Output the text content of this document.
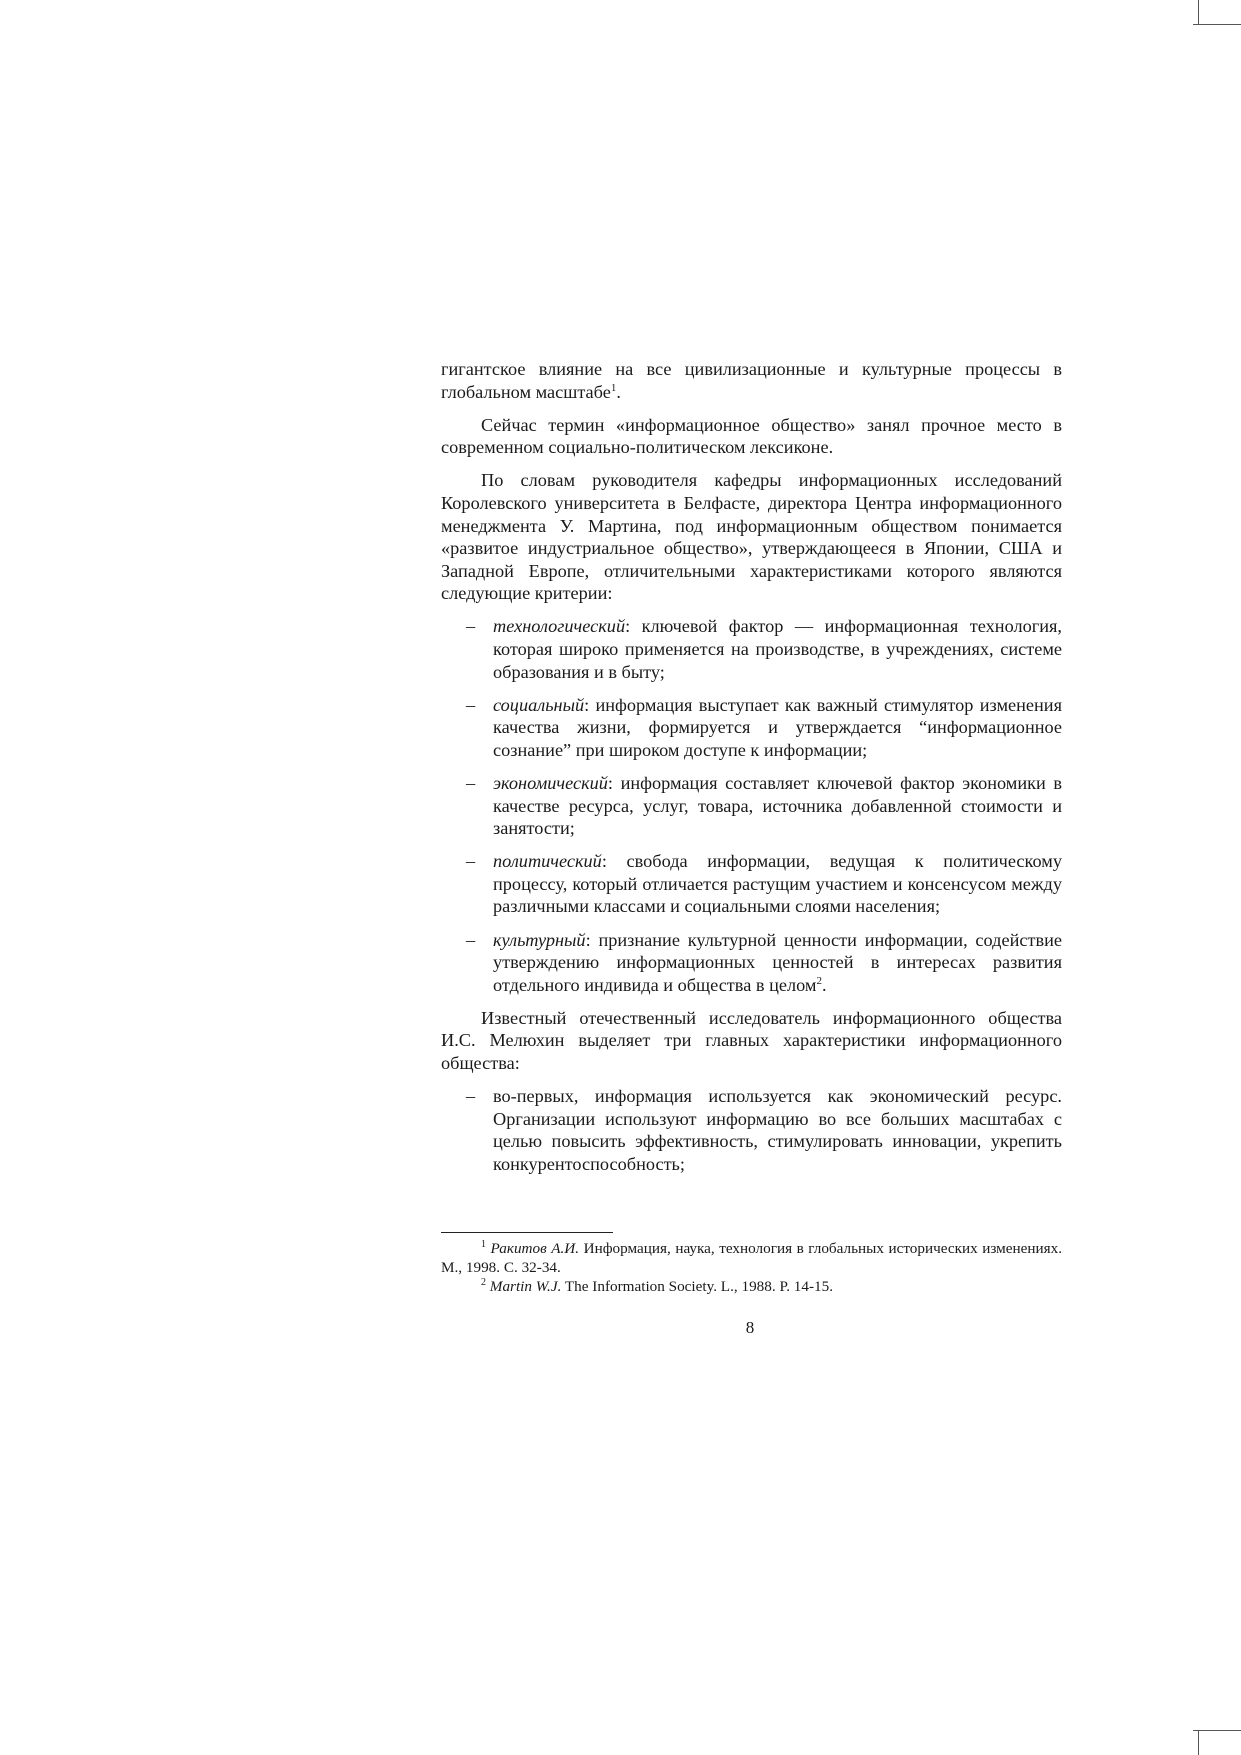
гигантское влияние на все цивилизационные и культурные процессы в глобальном масштабе$^1$.

Сейчас термин «информационное общество» занял прочное место в современном социально-политическом лексиконе.

По словам руководителя кафедры информационных исследований Королевского университета в Белфасте, директора Центра информационного менеджмента У. Мартина, под информационным обществом понимается «развитое индустриальное общество», утверждающееся в Японии, США и Западной Европе, отличительными характеристиками которого являются следующие критерии:

– технологический: ключевой фактор — информационная технология, которая широко применяется на производстве, в учреждениях, системе образования и в быту;
– социальный: информация выступает как важный стимулятор изменения качества жизни, формируется и утверждается “информационное сознание” при широком доступе к информации;
– экономический: информация составляет ключевой фактор экономики в качестве ресурса, услуг, товара, источника добавленной стоимости и занятости;
– политический: свобода информации, ведущая к политическому процессу, который отличается растущим участием и консенсусом между различными классами и социальными слоями населения;
– культурный: признание культурной ценности информации, содействие утверждению информационных ценностей в интересах развития отдельного индивида и общества в целом$^2$.

Известный отечественный исследователь информационного общества И.С. Мелюхин выделяет три главных характеристики информационного общества:

– во-первых, информация используется как экономический ресурс. Организации используют информацию во все больших масштабах с целью повысить эффективность, стимулировать инновации, укрепить конкурентоспособность;

$^1$ Ракитов А.И. Информация, наука, технология в глобальных исторических изменениях. М., 1998. С. 32-34.

$^2$ Martin W.J. The Information Society. L., 1988. P. 14-15.

8
